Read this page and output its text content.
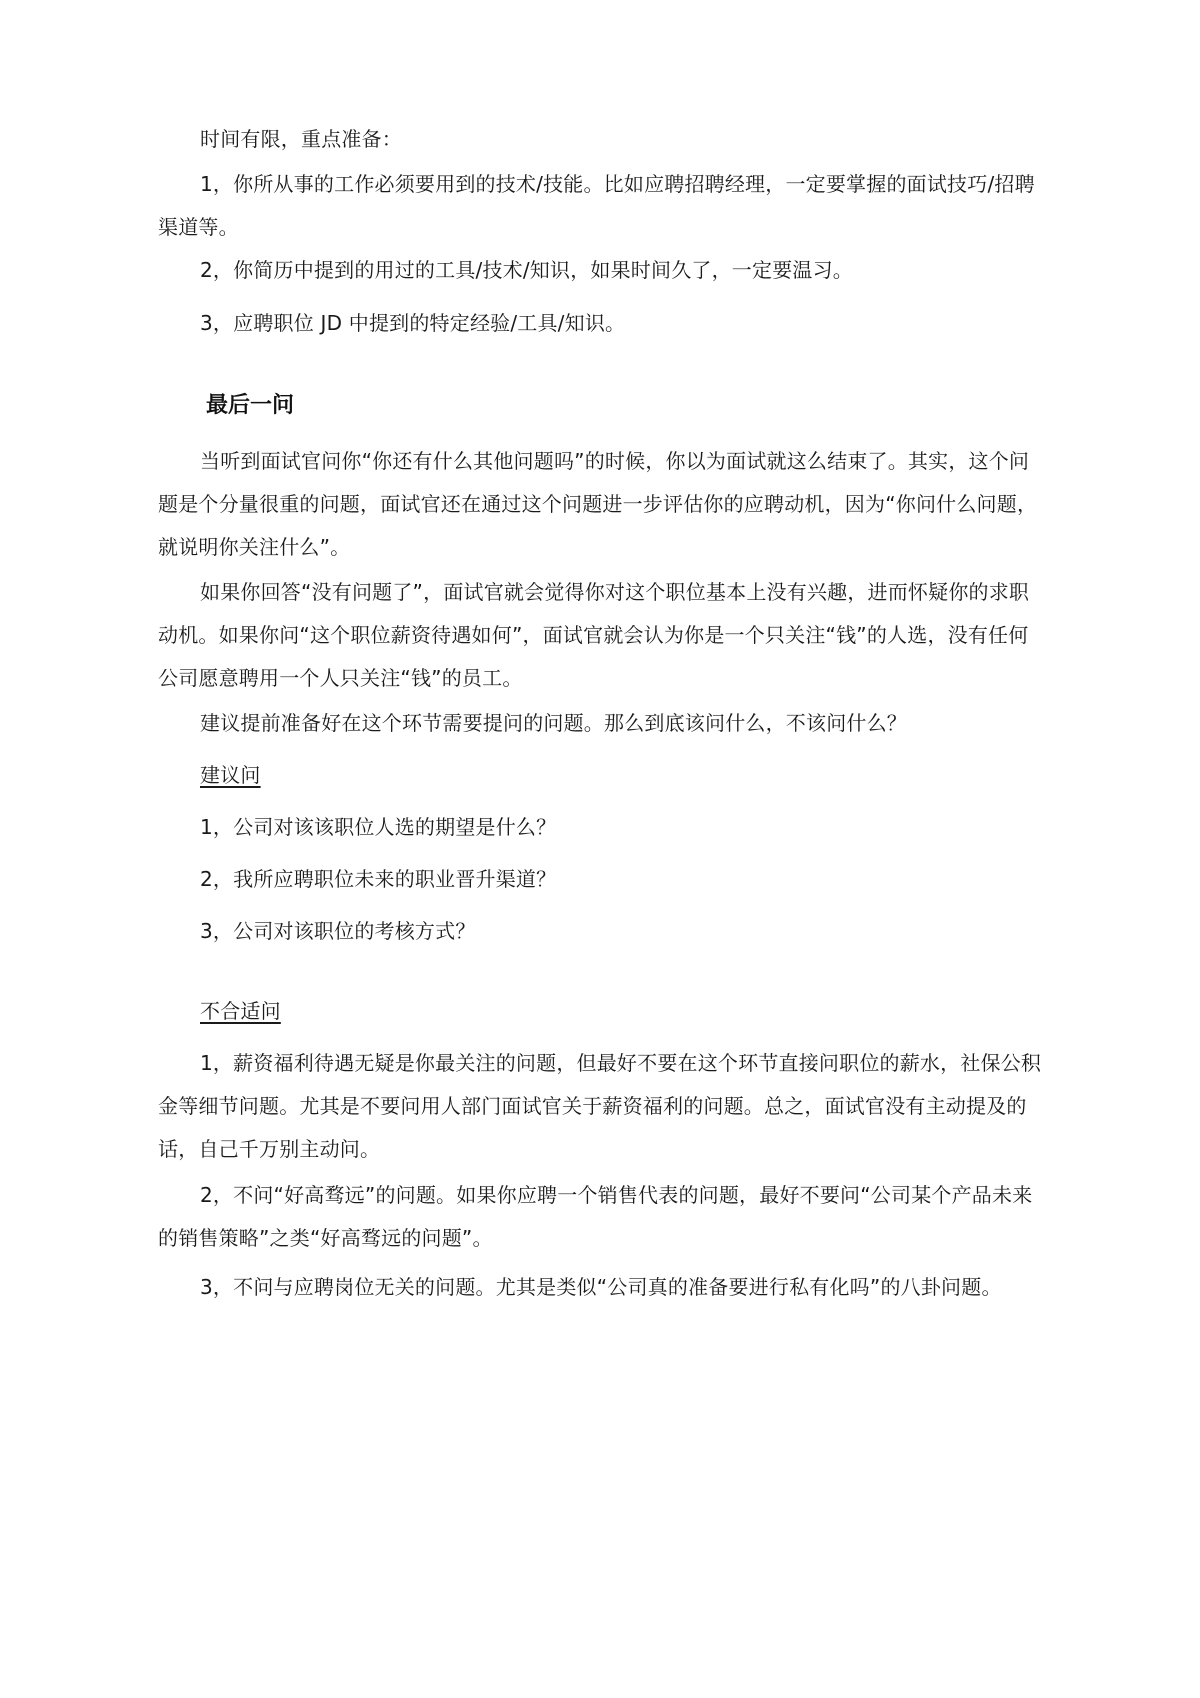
时间有限，重点准备：

1，你所从事的工作必须要用到的技术/技能。比如应聘招聘经理，一定要掌握的面试技巧/招聘渠道等。

2，你简历中提到的用过的工具/技术/知识，如果时间久了，一定要温习。

3，应聘职位 JD 中提到的特定经验/工具/知识。

最后一问

当听到面试官问你“你还有什么其他问题吗”的时候，你以为面试就这么结束了。其实，这个问题是个分量很重的问题，面试官还在通过这个问题进一步评估你的应聘动机，因为“你问什么问题，就说明你关注什么”。

如果你回答“没有问题了”，面试官就会觉得你对这个职位基本上没有兴趣，进而怀疑你的求职动机。如果你问“这个职位薪资待遇如何”，面试官就会认为你是一个只关注“钱”的人选，没有任何公司愿意聘用一个人只关注“钱”的员工。

建议提前准备好在这个环节需要提问的问题。那么到底该问什么，不该问什么？

建议问

1，公司对该该职位人选的期望是什么？

2，我所应聘职位未来的职业晋升渠道？

3，公司对该职位的考核方式？

不合适问

1，薪资福利待遇无疑是你最关注的问题，但最好不要在这个环节直接问职位的薪水，社保公积金等细节问题。尤其是不要问用人部门面试官关于薪资福利的问题。总之，面试官没有主动提及的话，自己千万别主动问。

2，不问“好高骛远”的问题。如果你应聘一个销售代表的问题，最好不要问“公司某个产品未来的销售策略”之类“好高骛远的问题”。

3，不问与应聘岗位无关的问题。尤其是类似“公司真的准备要进行私有化吗”的八卦问题。
